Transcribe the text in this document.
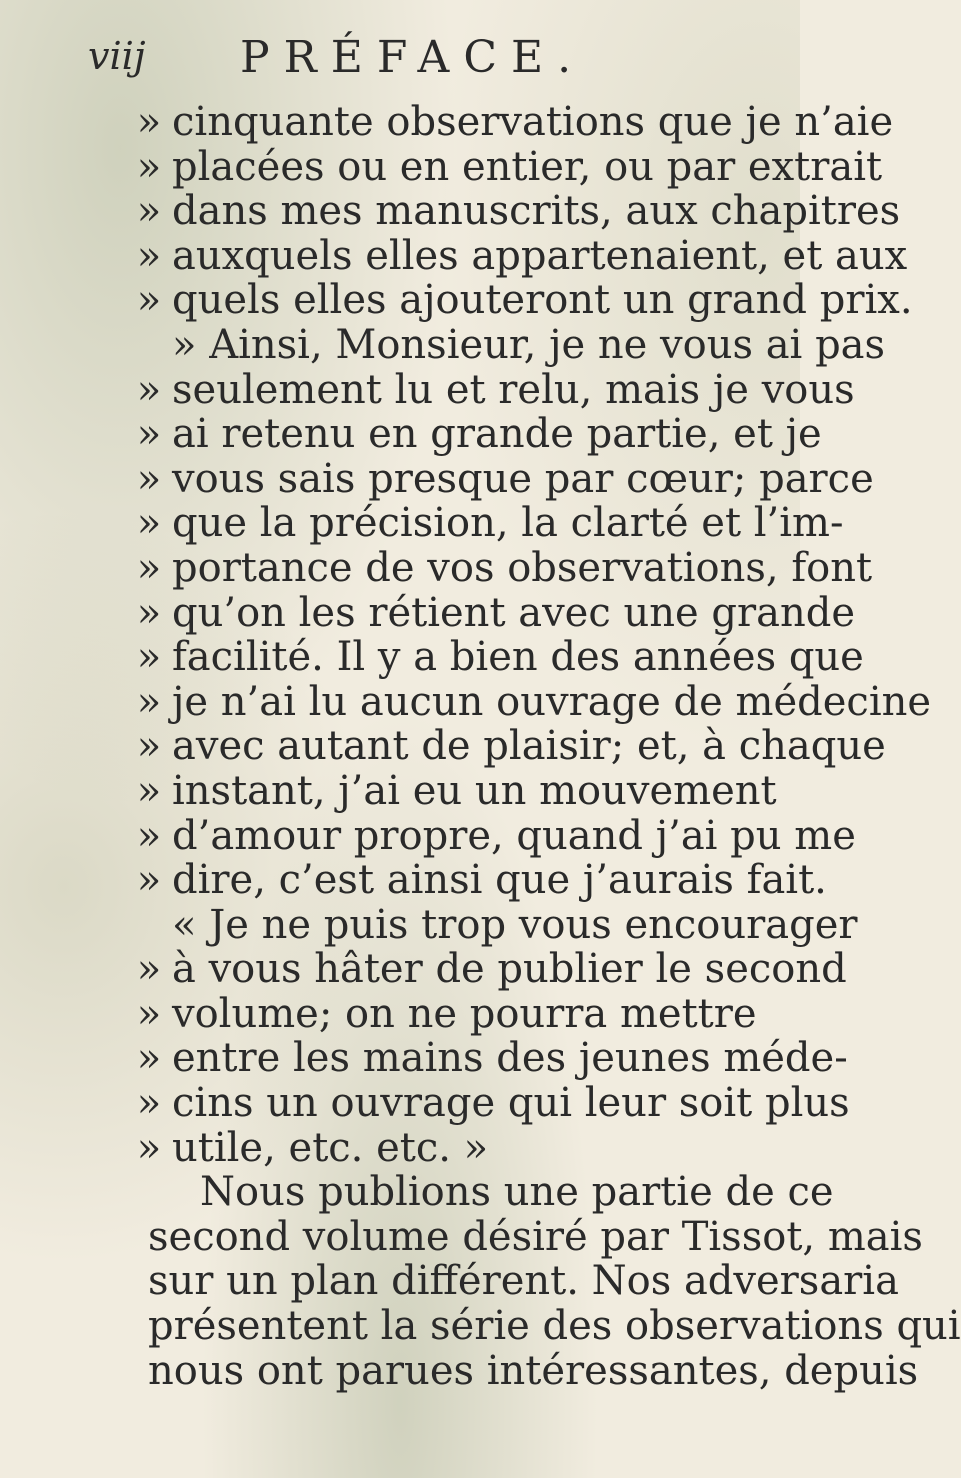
viij PRÉFACE.
» cinquante observations que je n’aie
» placées ou en entier, ou par extrait
» dans mes manuscrits, aux chapitres
» auxquels elles appartenaient, et aux
» quels elles ajouteront un grand prix.
» Ainsi, Monsieur, je ne vous ai pas
» seulement lu et relu, mais je vous
» ai retenu en grande partie, et je
» vous sais presque par cœur; parce
» que la précision, la clarté et l’im-
» portance de vos observations, font
» qu’on les rétient avec une grande
» facilité. Il y a bien des années que
» je n’ai lu aucun ouvrage de médecine
» avec autant de plaisir; et, à chaque
» instant, j’ai eu un mouvement
» d’amour propre, quand j’ai pu me
» dire, c’est ainsi que j’aurais fait.
« Je ne puis trop vous encourager
» à vous hâter de publier le second
» volume; on ne pourra mettre
» entre les mains des jeunes méde-
» cins un ouvrage qui leur soit plus
» utile, etc. etc. »
Nous publions une partie de ce
second volume désiré par Tissot, mais
sur un plan différent. Nos adversaria
présentent la série des observations qui
nous ont parues intéressantes, depuis
